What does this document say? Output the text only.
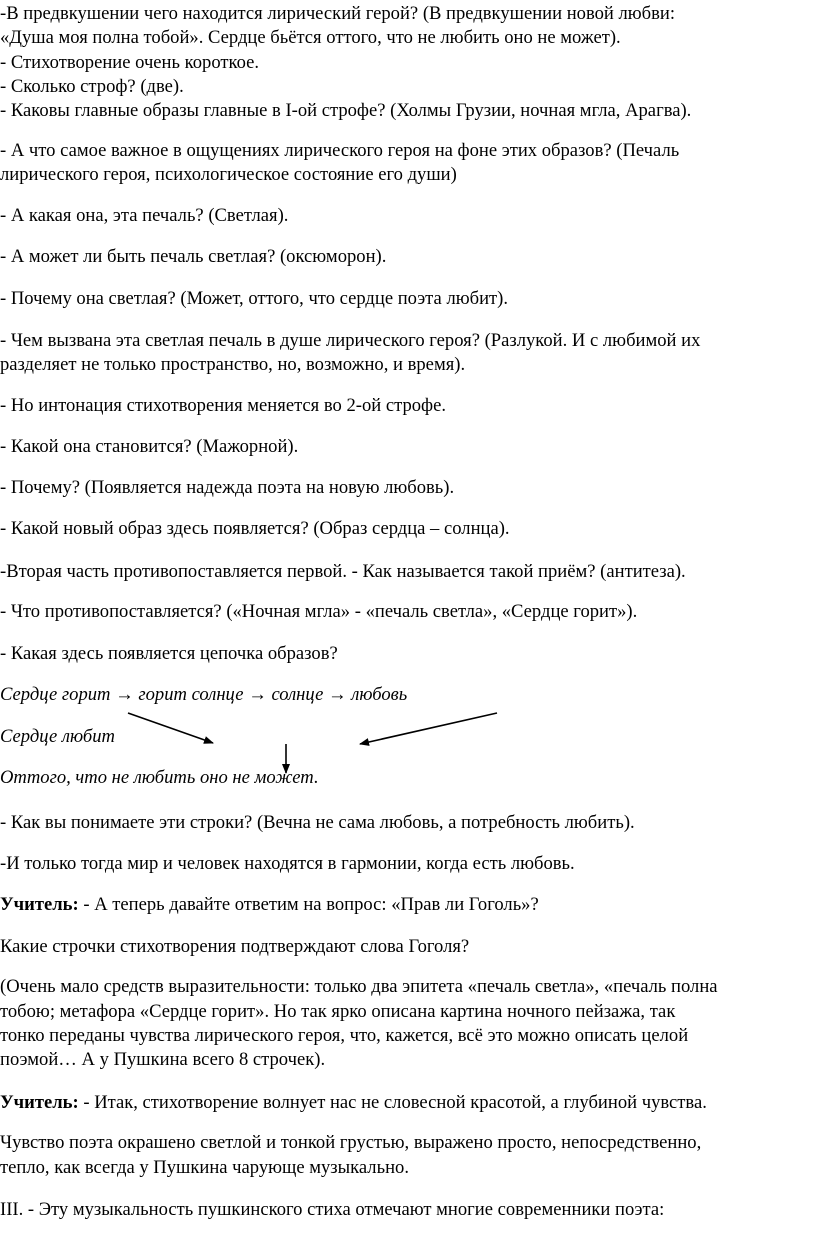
-В предвкушении чего находится лирический герой? (В предвкушении новой любви:
«Душа моя полна тобой». Сердце бьётся оттого, что не любить оно не может).
- Стихотворение очень короткое.
- Сколько строф? (две).
- Каковы главные образы главные в I-ой строфе? (Холмы Грузии, ночная мгла, Арагва).
- А что самое важное в ощущениях лирического героя на фоне этих образов? (Печаль
лирического героя, психологическое состояние его души)
- А какая она, эта печаль? (Светлая).
- А может ли быть печаль светлая? (оксюморон).
- Почему она светлая? (Может, оттого, что сердце поэта любит).
- Чем вызвана эта светлая печаль в душе лирического героя? (Разлукой. И с любимой их
разделяет не только пространство, но, возможно, и время).
- Но интонация стихотворения меняется во 2-ой строфе.
- Какой она становится? (Мажорной).
- Почему? (Появляется надежда поэта на новую любовь).
- Какой новый образ здесь появляется? (Образ сердца – солнца).
-Вторая часть противопоставляется первой. - Как называется такой приём? (антитеза).
- Что противопоставляется? («Ночная мгла» - «печаль светла», «Сердце горит»).
- Какая здесь появляется цепочка образов?
Сердце горит → горит солнце → солнце → любовь
Сердце любит
Оттого, что не любить оно не может.
- Как вы понимаете эти строки? (Вечна не сама любовь, а потребность любить).
-И только тогда мир и человек находятся в гармонии, когда есть любовь.
Учитель: - А теперь давайте ответим на вопрос: «Прав ли Гоголь»?
Какие строчки стихотворения подтверждают слова Гоголя?
(Очень мало средств выразительности: только два эпитета «печаль светла», «печаль полна
тобою; метафора «Сердце горит». Но так ярко описана картина ночного пейзажа, так
тонко переданы чувства лирического героя, что, кажется, всё это можно описать целой
поэмой… А у Пушкина всего 8 строчек).
Учитель: - Итак, стихотворение волнует нас не словесной красотой, а глубиной чувства.
Чувство поэта окрашено светлой и тонкой грустью, выражено просто, непосредственно,
тепло, как всегда у Пушкина чарующе музыкально.
III. - Эту музыкальность пушкинского стиха отмечают многие современники поэта:
